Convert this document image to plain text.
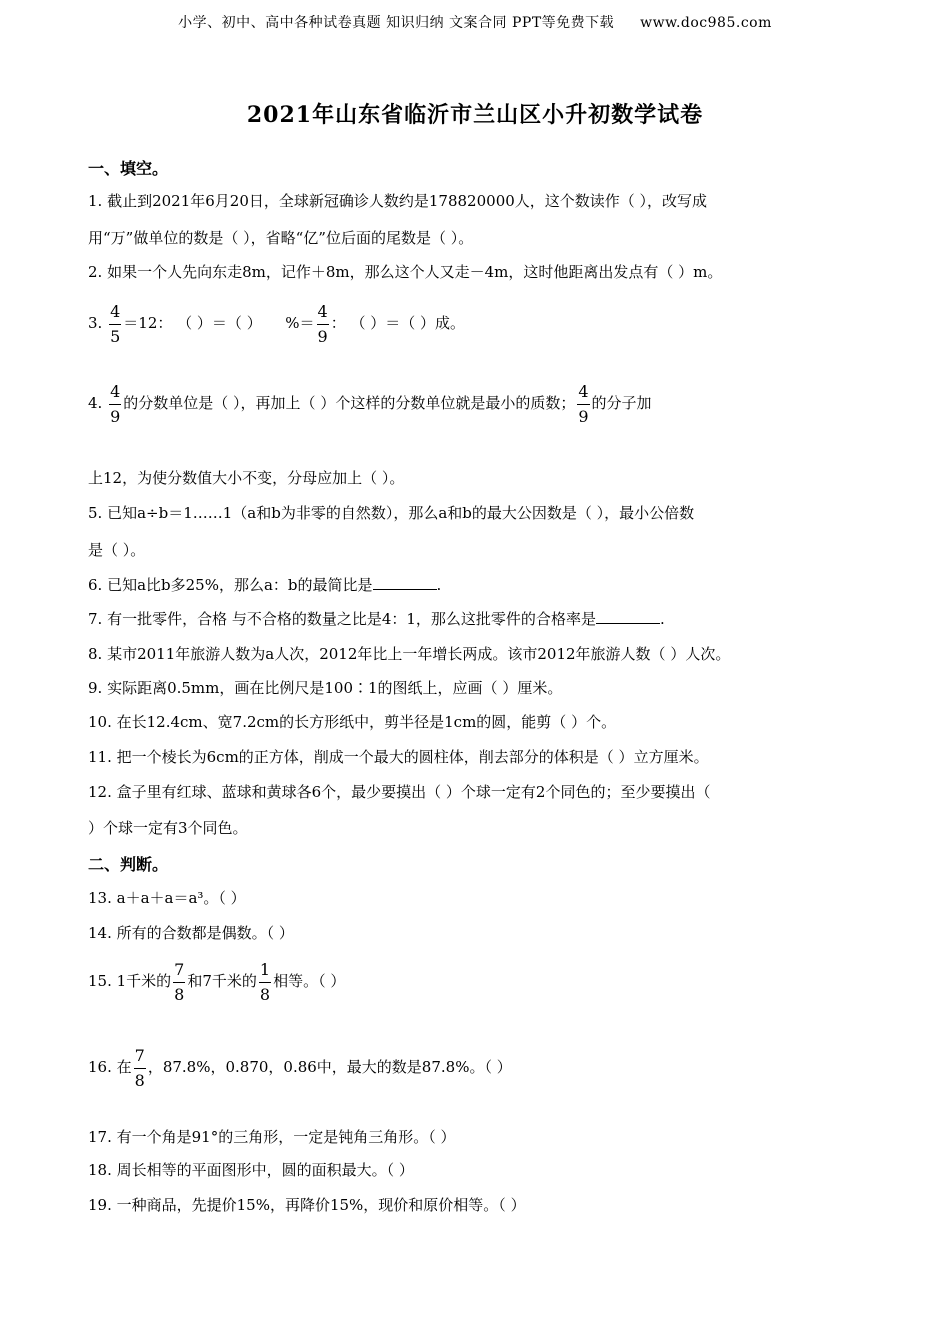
小学、初中、高中各种试卷真题 知识归纳 文案合同 PPT等免费下载 www.doc985.com
2021年山东省临沂市兰山区小升初数学试卷
一、填空。
1. 截止到2021年6月20日，全球新冠确诊人数约是178820000人，这个数读作（ ），改写成
用“万”做单位的数是（ ），省略“亿”位后面的尾数是（ ）。
2. 如果一个人先向东走8m，记作＋8m，那么这个人又走－4m，这时他距离出发点有（ ）m。
3. $\frac{4}{5} =12$： （ ）＝（ ） %＝ $\frac{4}{9}$ ： （ ）＝（ ）成。
4. $\frac{4}{9}$ 的分数单位是（ ），再加上（ ）个这样的分数单位就是最小的质数； $\frac{4}{9}$ 的分子加
上12，为使分数值大小不变，分母应加上（ ）。
5. 已知a÷b＝1……1（a和b为非零的自然数），那么a和b的最大公因数是（ ），最小公倍数
是（ ）。
6. 已知a比b多25%，那么a：b的最简比是	.
7. 有一批零件，合格 与不合格的数量之比是4：1，那么这批零件的合格率是	.
8. 某市2011年旅游人数为a人次，2012年比上一年增长两成。该市2012年旅游人数（ ）人次。
9. 实际距离0.5mm，画在比例尺是100∶1的图纸上，应画（ ）厘米。
10. 在长12.4cm、宽7.2cm的长方形纸中，剪半径是1cm的圆，能剪（ ）个。
11. 把一个棱长为6cm的正方体，削成一个最大的圆柱体，削去部分的体积是（ ）立方厘米。
12. 盒子里有红球、蓝球和黄球各6个，最少要摸出（ ）个球一定有2个同色的；至少要摸出（
）个球一定有3个同色。
二、判断。
13. a＋a＋a＝a³。（ ）
14. 所有的合数都是偶数。（ ）
15. 1千米的 $\frac{7}{8}$ 和7千米的 $\frac{1}{8}$ 相等。（ ）
16. 在 $\frac{7}{8}$ ，87.8%，0.870，0.86中，最大的数是87.8%。（ ）
17. 有一个角是91°的三角形，一定是钝角三角形。（ ）
18. 周长相等的平面图形中，圆的面积最大。（ ）
19. 一种商品，先提价15%，再降价15%，现价和原价相等。（ ）
